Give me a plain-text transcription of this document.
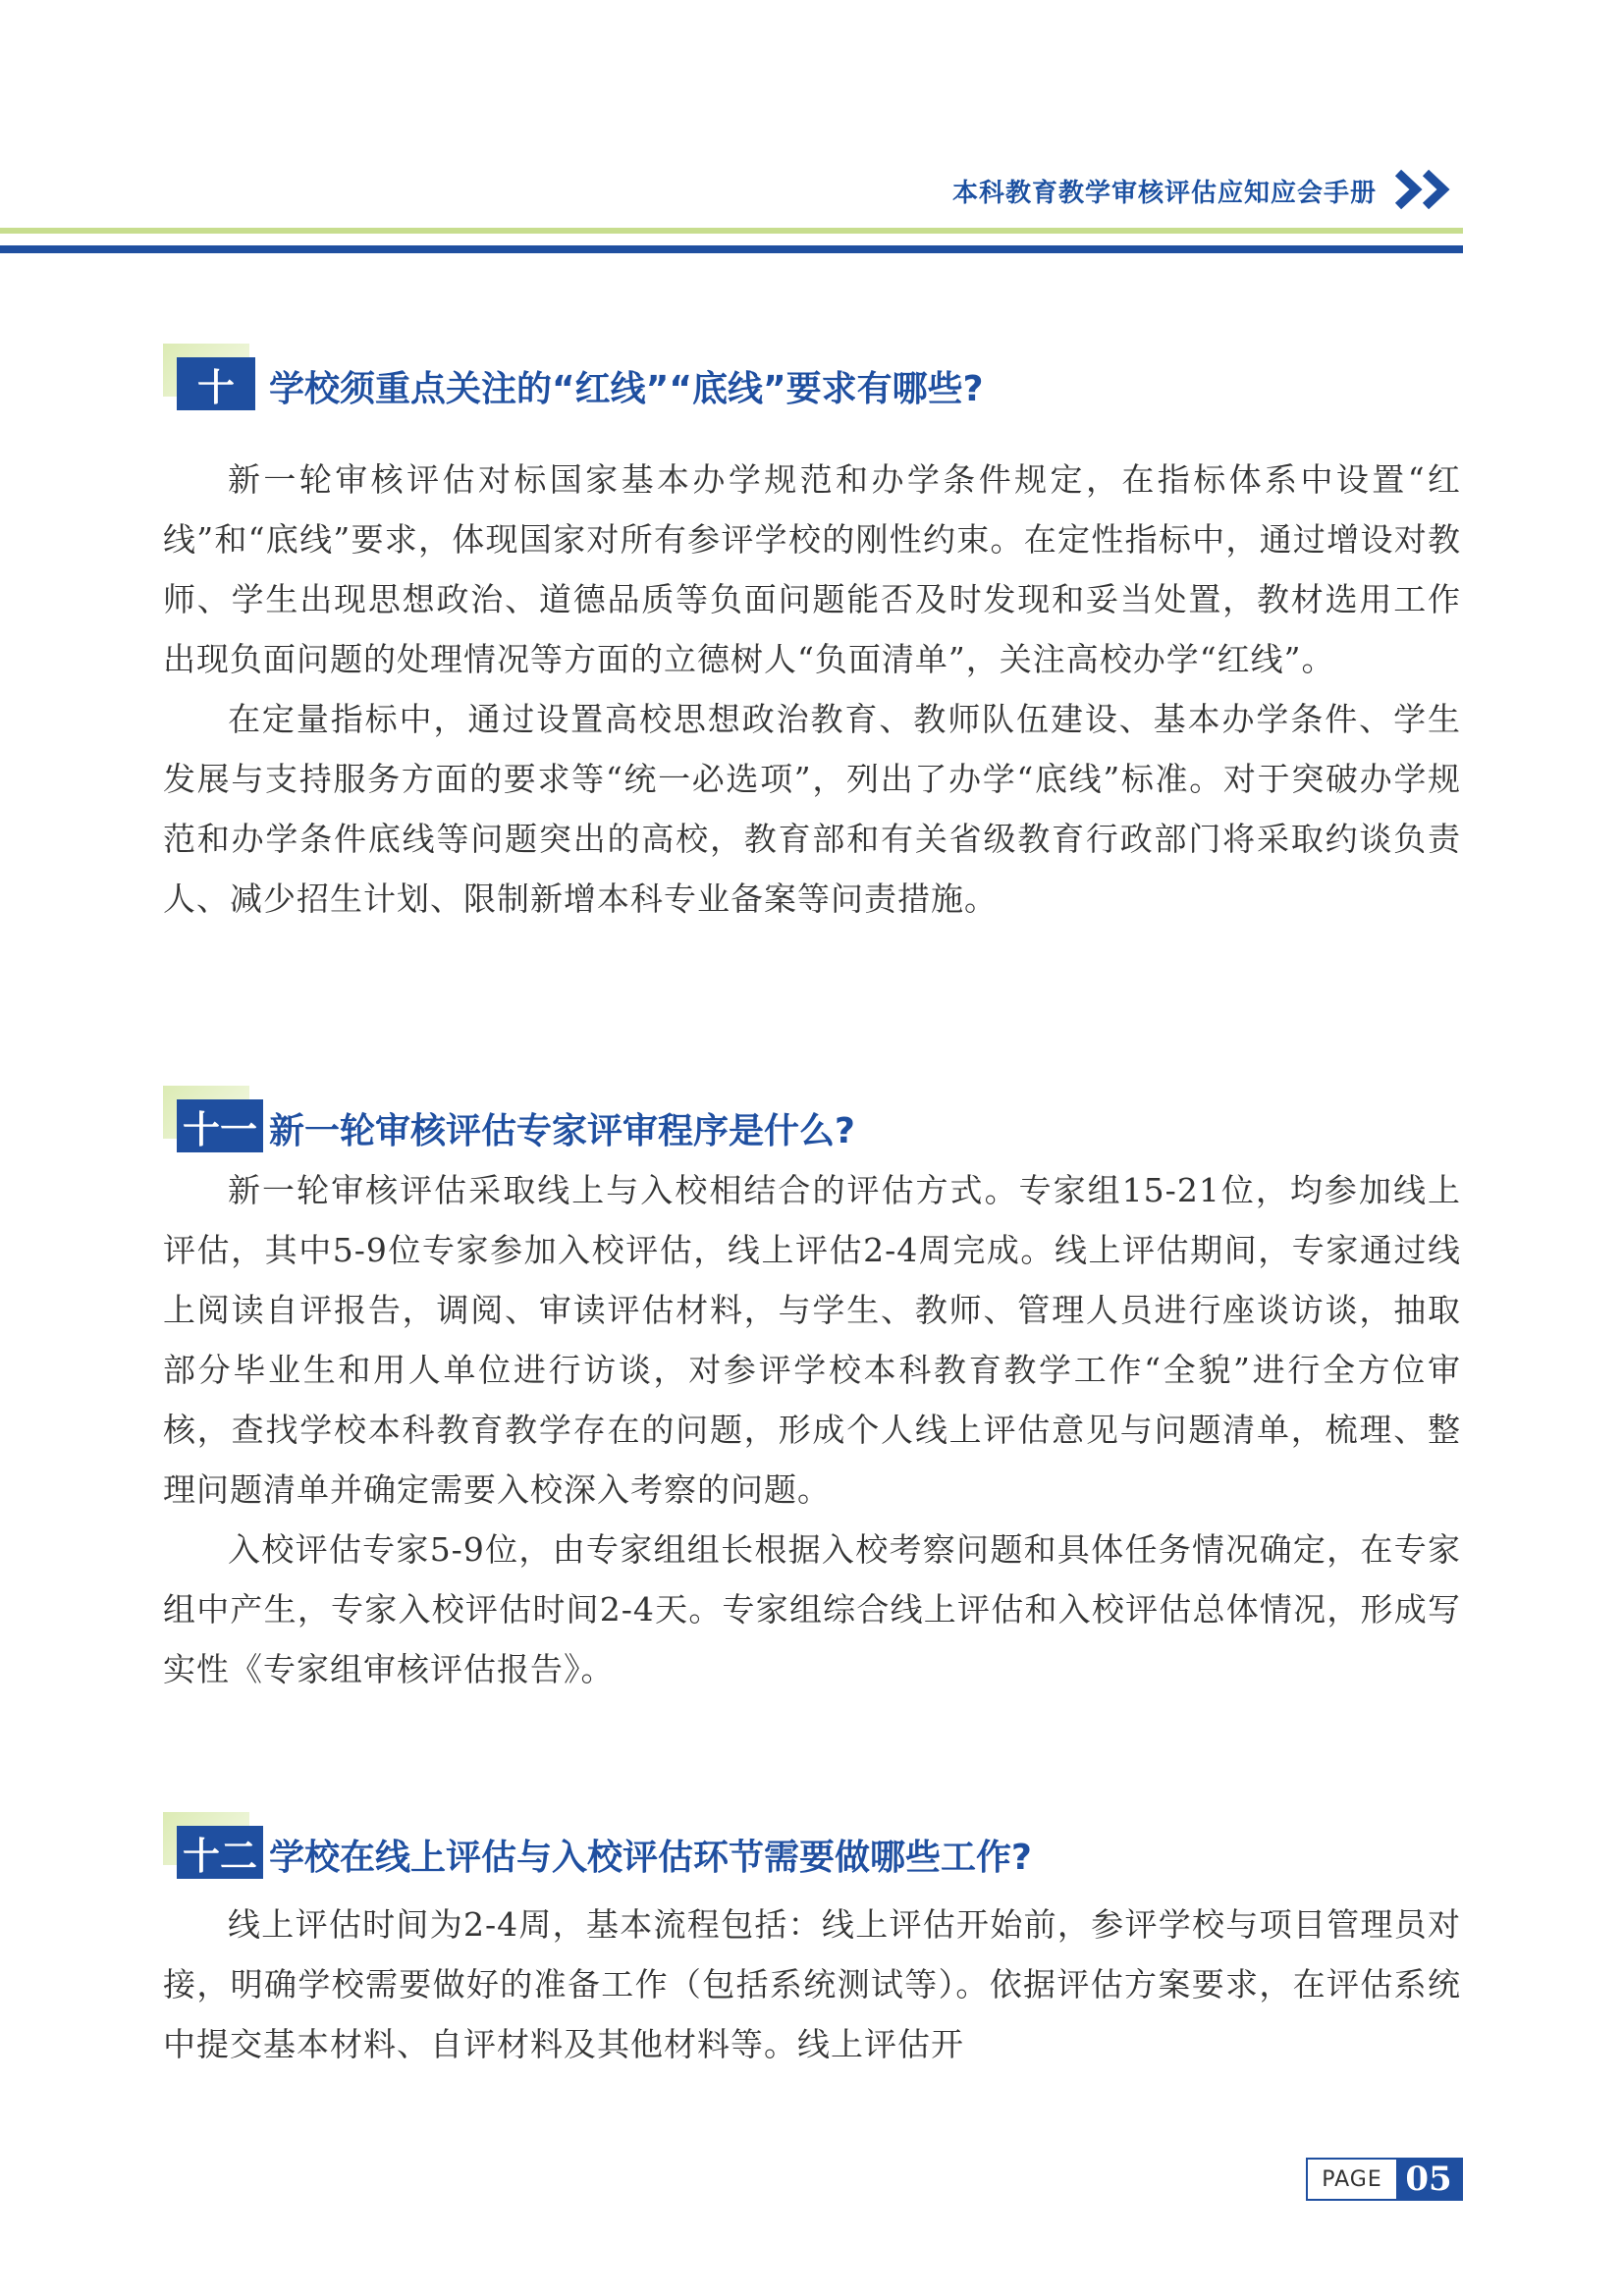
本科教育教学审核评估应知应会手册
十 学校须重点关注的“红线”“底线”要求有哪些?

新一轮审核评估对标国家基本办学规范和办学条件规定，在指标体系中设置“红线”和“底线”要求，体现国家对所有参评学校的刚性约束。在定性指标中，通过增设对教师、学生出现思想政治、道德品质等负面问题能否及时发现和妥当处置，教材选用工作出现负面问题的处理情况等方面的立德树人“负面清单”，关注高校办学“红线”。

在定量指标中，通过设置高校思想政治教育、教师队伍建设、基本办学条件、学生发展与支持服务方面的要求等“统一必选项”，列出了办学“底线”标准。对于突破办学规范和办学条件底线等问题突出的高校，教育部和有关省级教育行政部门将采取约谈负责人、减少招生计划、限制新增本科专业备案等问责措施。

十一 新一轮审核评估专家评审程序是什么?

新一轮审核评估采取线上与入校相结合的评估方式。专家组15-21位，均参加线上评估，其中5-9位专家参加入校评估，线上评估2-4周完成。线上评估期间，专家通过线上阅读自评报告，调阅、审读评估材料，与学生、教师、管理人员进行座谈访谈，抽取部分毕业生和用人单位进行访谈，对参评学校本科教育教学工作“全貌”进行全方位审核，查找学校本科教育教学存在的问题，形成个人线上评估意见与问题清单，梳理、整理问题清单并确定需要入校深入考察的问题。

入校评估专家5-9位，由专家组组长根据入校考察问题和具体任务情况确定，在专家组中产生，专家入校评估时间2-4天。专家组综合线上评估和入校评估总体情况，形成写实性《专家组审核评估报告》。

十二 学校在线上评估与入校评估环节需要做哪些工作?

线上评估时间为2-4周，基本流程包括：线上评估开始前，参评学校与项目管理员对接，明确学校需要做好的准备工作（包括系统测试等）。依据评估方案要求，在评估系统中提交基本材料、自评材料及其他材料等。线上评估开

PAGE 05
